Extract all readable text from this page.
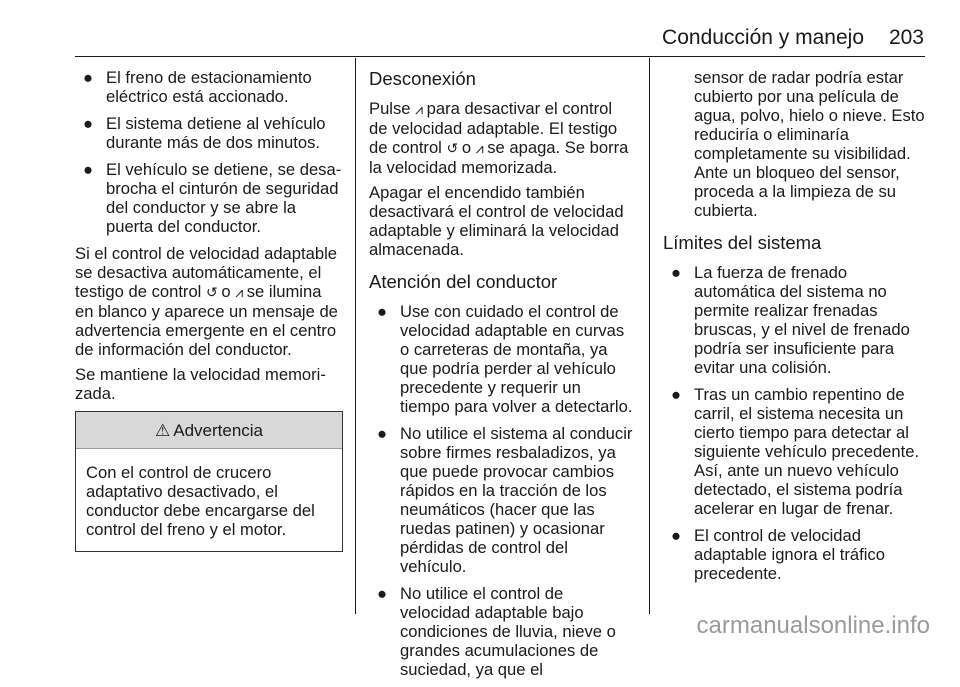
Conducción y manejo 203
● El freno de estacionamiento eléctrico está accionado.
● El sistema detiene al vehículo durante más de dos minutos.
● El vehículo se detiene, se desabrocha el cinturón de seguridad del conductor y se abre la puerta del conductor.

Si el control de velocidad adaptable se desactiva automáticamente, el testigo de control ↺ o ⩘ se ilumina en blanco y aparece un mensaje de advertencia emergente en el centro de información del conductor.

Se mantiene la velocidad memorizada.

⚠ Advertencia
Con el control de crucero adaptativo desactivado, el conductor debe encargarse del control del freno y el motor.
Desconexión

Pulse ⩘ para desactivar el control de velocidad adaptable. El testigo de control ↺ o ⩘ se apaga. Se borra la velocidad memorizada.

Apagar el encendido también desactivará el control de velocidad adaptable y eliminará la velocidad almacenada.

Atención del conductor
● Use con cuidado el control de velocidad adaptable en curvas o carreteras de montaña, ya que podría perder al vehículo precedente y requerir un tiempo para volver a detectarlo.
● No utilice el sistema al conducir sobre firmes resbaladizos, ya que puede provocar cambios rápidos en la tracción de los neumáticos (hacer que las ruedas patinen) y ocasionar pérdidas de control del vehículo.
● No utilice el control de velocidad adaptable bajo condiciones de lluvia, nieve o grandes acumulaciones de suciedad, ya que el

sensor de radar podría estar cubierto por una película de agua, polvo, hielo o nieve. Esto reduciría o eliminaría completamente su visibilidad. Ante un bloqueo del sensor, proceda a la limpieza de su cubierta.

Límites del sistema
● La fuerza de frenado automática del sistema no permite realizar frenadas bruscas, y el nivel de frenado podría ser insuficiente para evitar una colisión.
● Tras un cambio repentino de carril, el sistema necesita un cierto tiempo para detectar al siguiente vehículo precedente. Así, ante un nuevo vehículo detectado, el sistema podría acelerar en lugar de frenar.
● El control de velocidad adaptable ignora el tráfico precedente.
carmanualsonline.info
